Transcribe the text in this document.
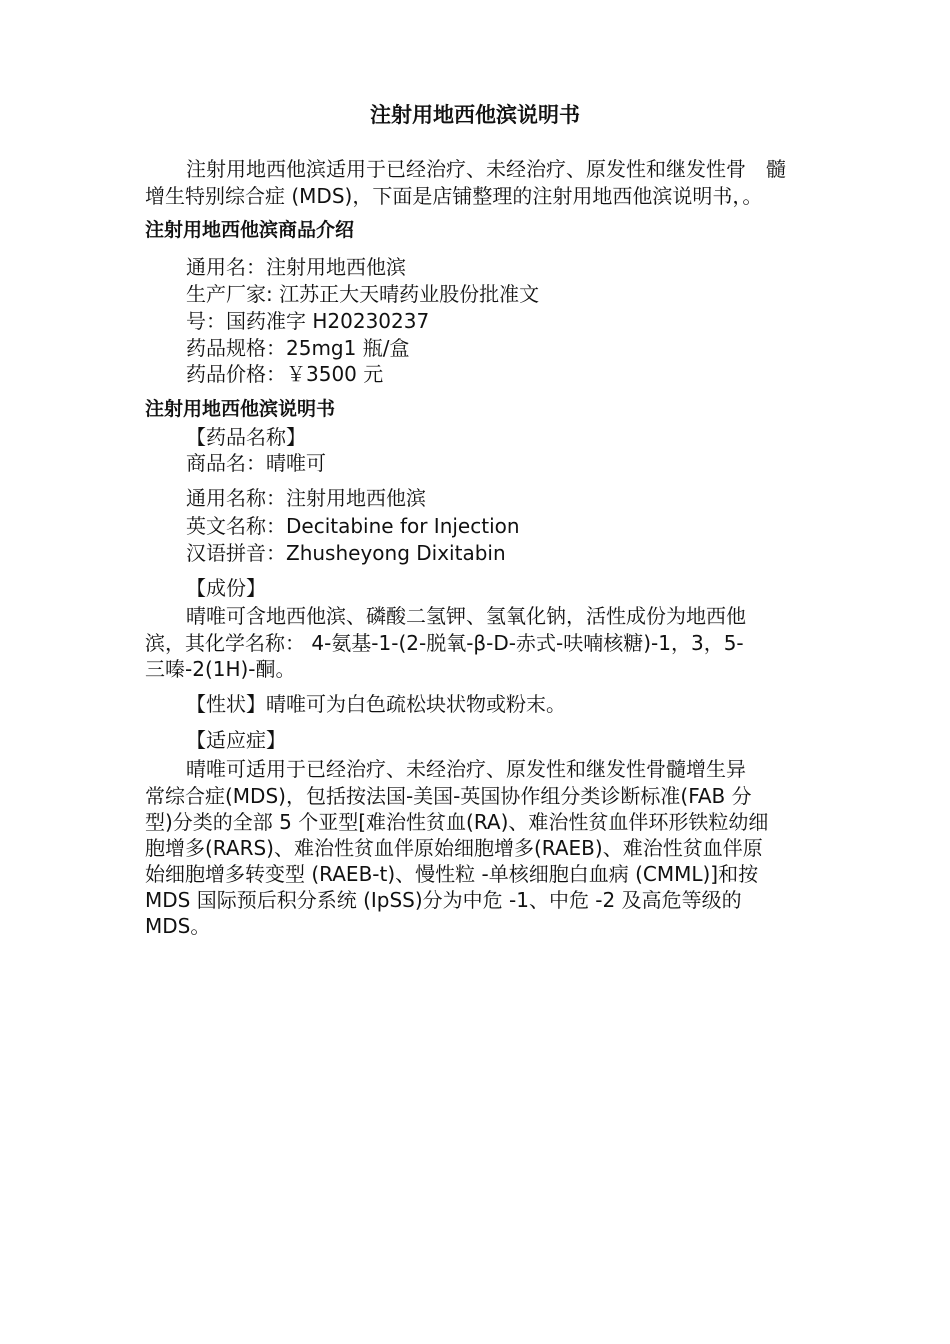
注射用地西他滨说明书
注射用地西他滨适用于已经治疗、未经治疗、原发性和继发性骨　髓
增生特别综合症 (MDS)，下面是店铺整理的注射用地西他滨说明书，。
注射用地西他滨商品介绍
通用名：注射用地西他滨
生产厂家: 江苏正大天晴药业股份批准文
号：国药准字 H20230237
药品规格：25mg1 瓶/盒
药品价格：￥3500 元
注射用地西他滨说明书
【药品名称】
商品名：晴唯可
通用名称：注射用地西他滨
英文名称：Decitabine for Injection
汉语拼音：Zhusheyong Dixitabin
【成份】
晴唯可含地西他滨、磷酸二氢钾、氢氧化钠，活性成份为地西他
滨，其化学名称： 4-氨基-1-(2-脱氧-β-D-赤式-呋喃核糖)-1，3，5-
三嗪-2(1H)-酮。
【性状】晴唯可为白色疏松块状物或粉末。
【适应症】
晴唯可适用于已经治疗、未经治疗、原发性和继发性骨髓增生异
常综合症(MDS)，包括按法国-美国-英国协作组分类诊断标准(FAB 分
型)分类的全部 5 个亚型[难治性贫血(RA)、难治性贫血伴环形铁粒幼细
胞增多(RARS)、难治性贫血伴原始细胞增多(RAEB)、难治性贫血伴原
始细胞增多转变型 (RAEB-t)、慢性粒 -单核细胞白血病 (CMML)]和按
MDS 国际预后积分系统 (IpSS)分为中危 -1、中危 -2 及高危等级的
MDS。
